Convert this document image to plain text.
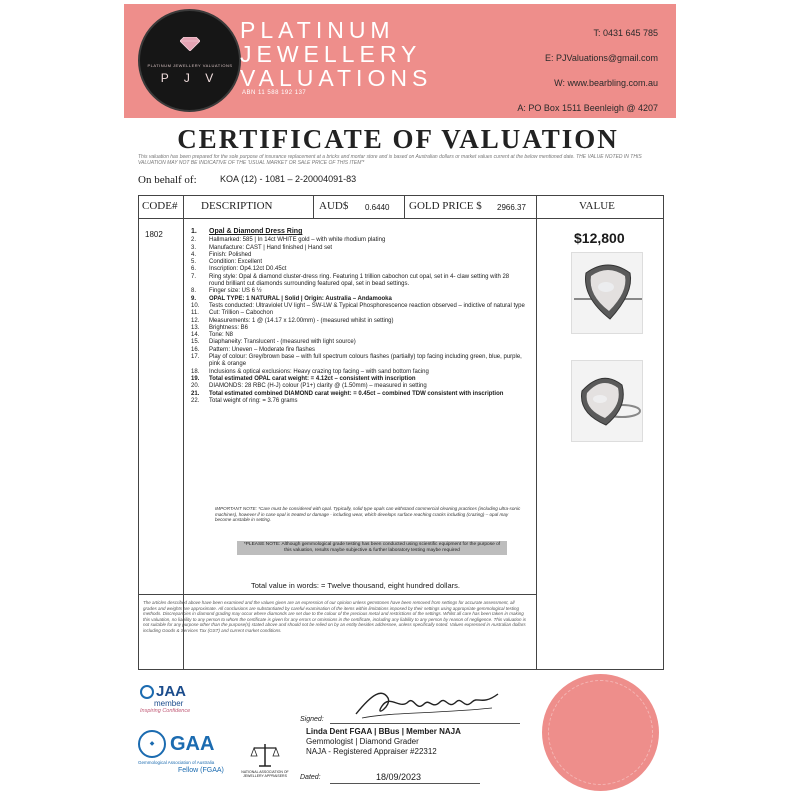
PLATINUM JEWELLERY VALUATIONS
P J V
PLATINUM
JEWELLERY
VALUATIONS
ABN 11 588 192 137
T: 0431 645 785
E: PJValuations@gmail.com
W: www.bearbling.com.au
A: PO Box 1511 Beenleigh @ 4207
CERTIFICATE OF VALUATION
This valuation has been prepared for the sole purpose of insurance replacement at a bricks and mortar store and is based on Australian dollars or market values current at the below mentioned date. THE VALUE NOTED IN THIS VALUATION MAY NOT BE INDICATIVE OF THE 'USUAL MARKET OR SALE PRICE OF THIS ITEM'*
On behalf of:	KOA (12) - 1081 – 2-20004091-83
CODE# DESCRIPTION	AUD$ 0.6440 GOLD PRICE $ 2966.37	VALUE
1802	1.	Opal & Diamond Dress Ring
2.	Hallmarked: 585 | In 14ct WHITE gold – with white rhodium plating
3.	Manufacture: CAST | Hand finished | Hand set
4.	Finish: Polished
5.	Condition: Excellent
6.	Inscription: Op4.12ct D0.45ct
7.	Ring style: Opal & diamond cluster-dress ring. Featuring 1 trillion cabochon cut opal, set in 4- claw setting with 28 round brilliant cut diamonds surrounding featured opal, set in bead settings.
8.	Finger size: US 6 ½
9.	OPAL TYPE: 1 NATURAL | Solid | Origin: Australia – Andamooka
10.	Tests conducted: Ultraviolet UV light – SW-LW & Typical Phosphorescence reaction observed – indictive of natural type
11.	Cut: Trillion – Cabochon
12.	Measurements: 1 @ (14.17 x 12.00mm) - (measured whilst in setting)
13.	Brightness: B6
14.	Tone: N8
15.	Diaphaneity: Translucent - (measured with light source)
16.	Pattern: Uneven – Moderate fire flashes
17.	Play of colour: Grey/brown base – with full spectrum colours flashes (partially) top facing including green, blue, purple, pink & orange
18.	Inclusions & optical exclusions: Heavy crazing top facing – with sand bottom facing
19.	Total estimated OPAL carat weight: = 4.12ct – consistent with inscription
20.	DIAMONDS: 28 RBC (H-J) colour (P1+) clarity @ (1.50mm) – measured in setting
21.	Total estimated combined DIAMOND carat weight: = 0.45ct – combined TDW consistent with inscription
22.	Total weight of ring: = 3.76 grams
IMPORTANT NOTE: *Care must be considered with opal. Typically, solid type opals can withstand commercial cleaning practices (including ultra-sonic machines), however if in case opal is treated or damage - including wear, which develops surface reaching cracks including (crazing) – opal may become unstable in setting.
*PLEASE NOTE: Although gemmological grade testing has been conducted using scientific equipment for the purpose of this valuation, results maybe subjective & further laboratory testing maybe required
Total value in words: = Twelve thousand, eight hundred dollars.
$12,800
The articles described above have been examined and the values given are an expression of our opinion unless gemstones have been removed from settings for accurate assessment, all grades and weights are approximate. All conclusions are substantiated by careful examination of the items within limitations imposed by their settings using appropriate gemmological testing methods. Discrepancies in diamond grading may occur where diamonds are set due to the colour of the precious metal and restrictions of the settings. Whilst all care has been taken in making this valuation, no liability to any person to whom the certificate is given for any errors or omissions in the certificate, including any liability to any person by reason of negligence. This valuation is not suitable for any purpose other than the purpose(s) stated above and should not be relied on by an entity besides addressee, unless specifically noted. Values expressed in Australian dollars including Goods & Services Tax (GST) and current market conditions.
JAA
member
Inspiring Confidence
◆ GAA
Gemmological Association of Australia
Fellow (FGAA)	NATIONAL ASSOCIATION OF JEWELLERY APPRAISERS
Signed:
Linda Dent FGAA | BBus | Member NAJA
Gemmologist | Diamond Grader
NAJA - Registered Appraiser #22312
Dated:	18/09/2023
